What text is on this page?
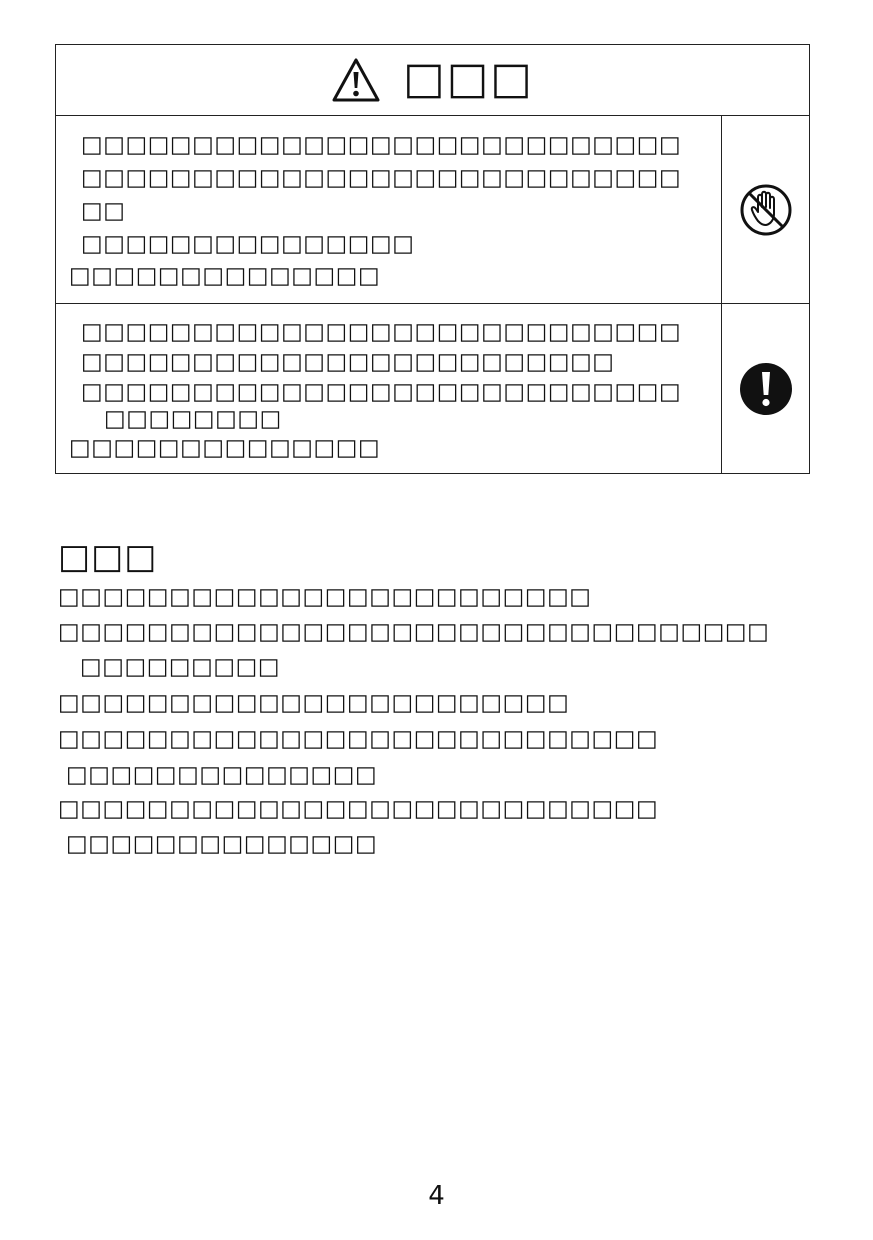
□□□
□□□□□□□□□□□□□□□□□□□□□□□□□□□
□□□□□□□□□□□□□□□□□□□□□□□□□□□
□□
□□□□□□□□□□□□□□□
□□□□□□□□□□□□□□
□□□□□□□□□□□□□□□□□□□□□□□□□□□
□□□□□□□□□□□□□□□□□□□□□□□□
□□□□□□□□□□□□□□□□□□□□□□□□□□□
□□□□□□□□
□□□□□□□□□□□□□□
□□□
□□□□□□□□□□□□□□□□□□□□□□□□
□□□□□□□□□□□□□□□□□□□□□□□□□□□□□□□□
□□□□□□□□□
□□□□□□□□□□□□□□□□□□□□□□□
□□□□□□□□□□□□□□□□□□□□□□□□□□□
□□□□□□□□□□□□□□
□□□□□□□□□□□□□□□□□□□□□□□□□□□
□□□□□□□□□□□□□□
4
